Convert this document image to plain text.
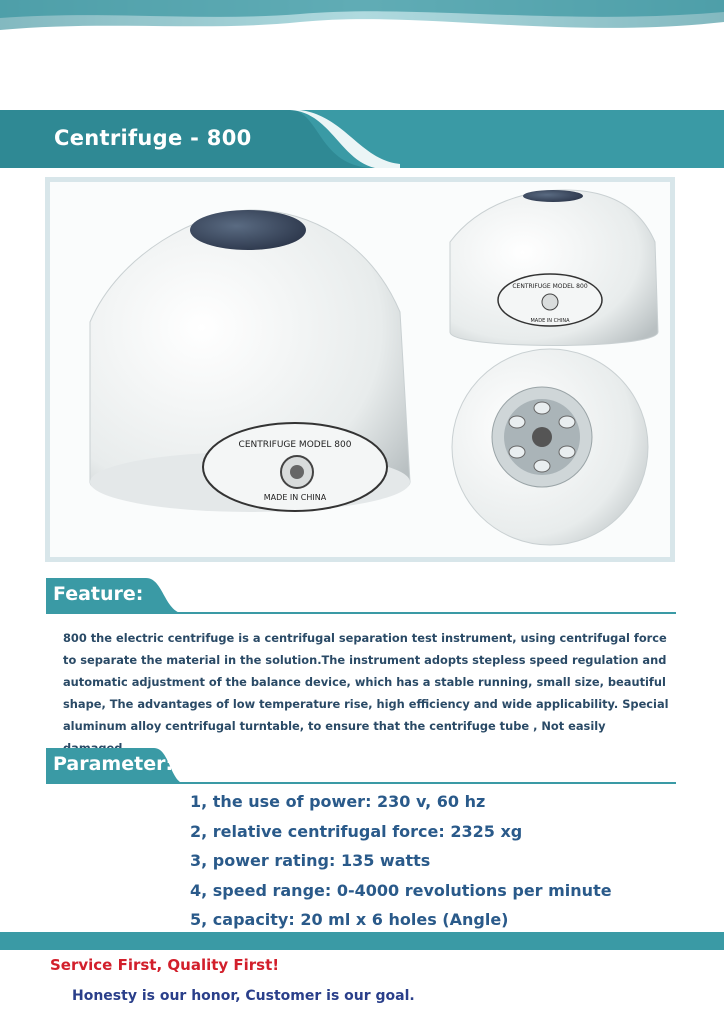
Centrifuge - 800
CENTRIFUGE MODEL 800
MADE IN CHINA
CENTRIFUGE MODEL 800
MADE IN CHINA
Feature:
800 the electric centrifuge is a centrifugal separation test instrument, using centrifugal force to separate the material in the solution.The instrument adopts stepless speed regulation and automatic adjustment of the balance device, which has a stable running, small size, beautiful shape, The advantages of low temperature rise, high efficiency and wide applicability. Special aluminum alloy centrifugal turntable, to ensure that the centrifuge tube , Not easily
Parameter:
1, the use of power: 230 v, 60 hz
2, relative centrifugal force: 2325 xg
3, power rating: 135 watts
4, speed range: 0-4000 revolutions per minute
5, capacity: 20 ml x 6 holes (Angle)
Service First, Quality First!
Honesty is our honor, Customer is our goal.
